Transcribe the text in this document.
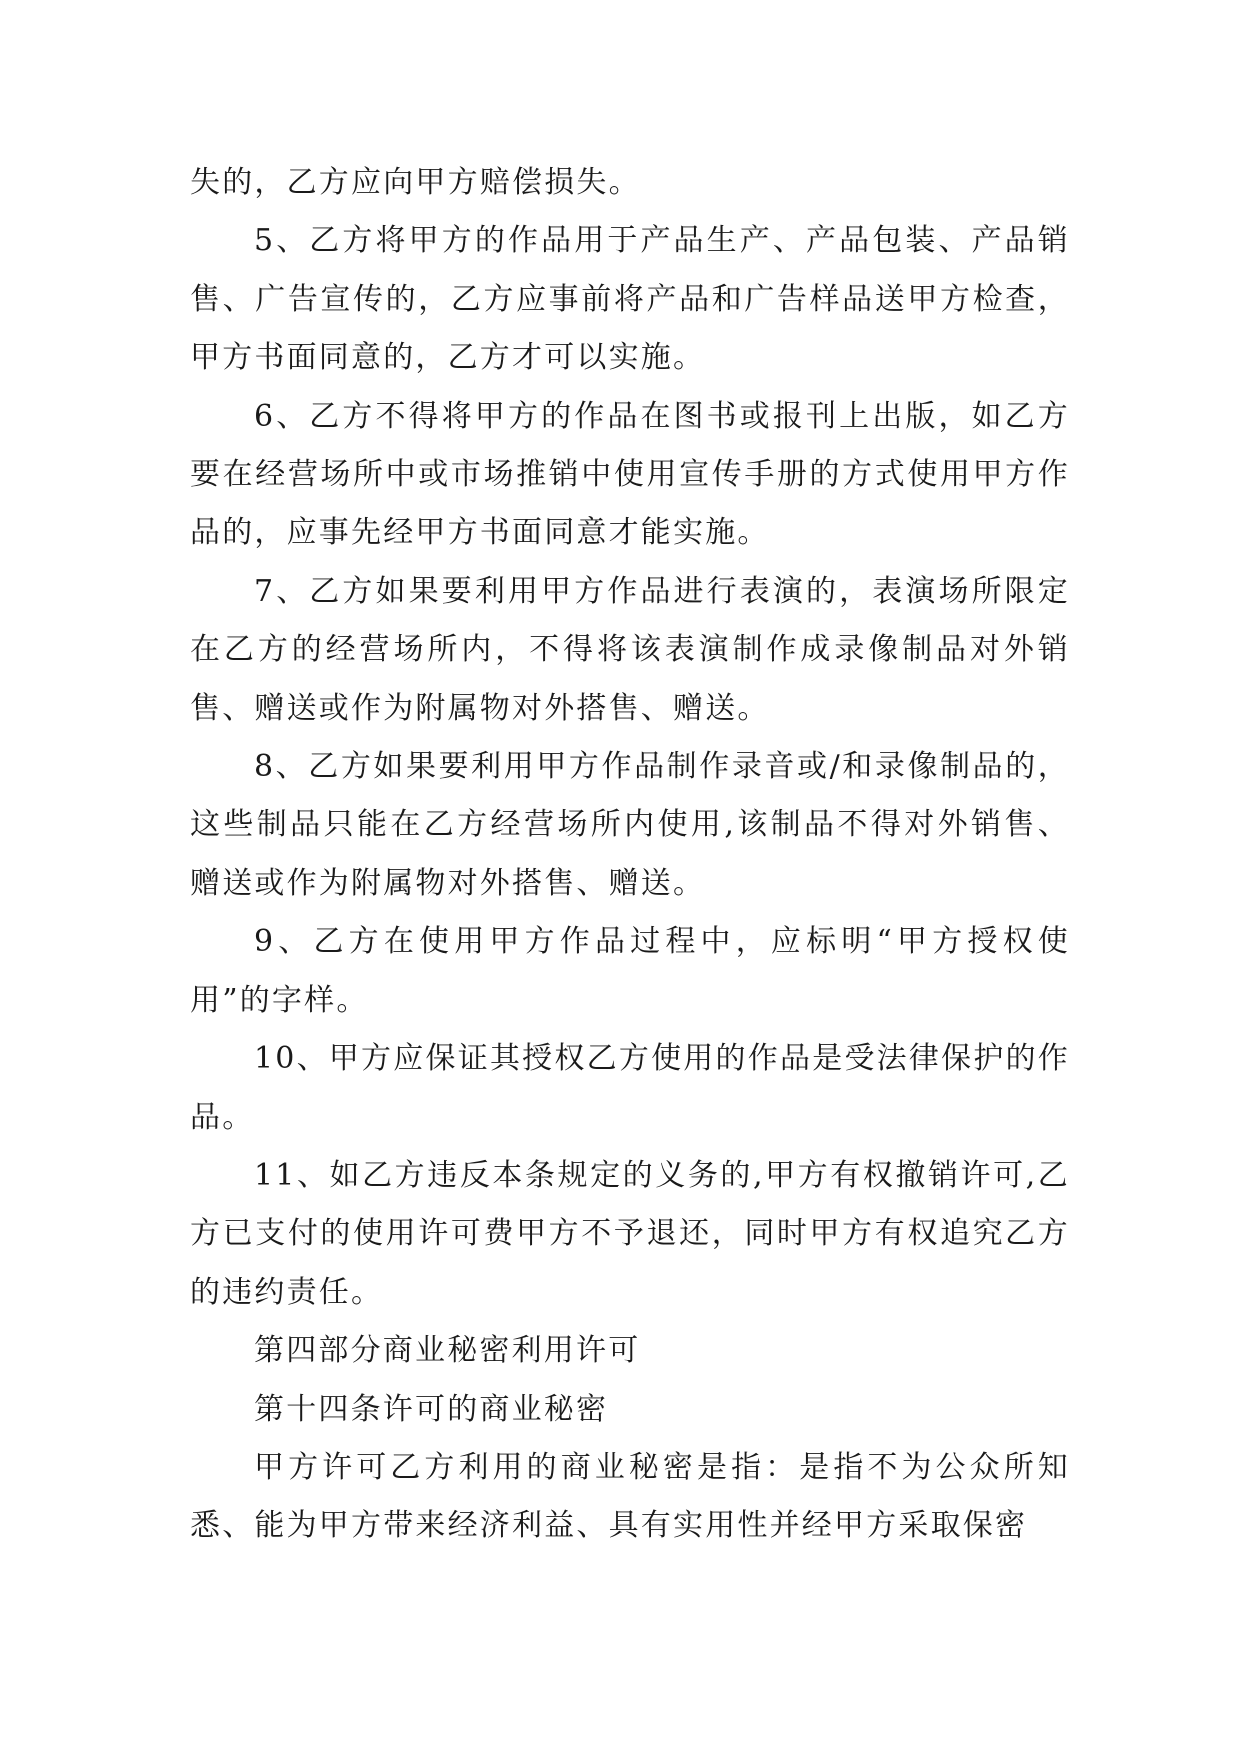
失的，乙方应向甲方赔偿损失。

5、乙方将甲方的作品用于产品生产、产品包装、产品销售、广告宣传的，乙方应事前将产品和广告样品送甲方检查，甲方书面同意的，乙方才可以实施。

6、乙方不得将甲方的作品在图书或报刊上出版，如乙方要在经营场所中或市场推销中使用宣传手册的方式使用甲方作品的，应事先经甲方书面同意才能实施。

7、乙方如果要利用甲方作品进行表演的，表演场所限定在乙方的经营场所内，不得将该表演制作成录像制品对外销售、赠送或作为附属物对外搭售、赠送。

8、乙方如果要利用甲方作品制作录音或/和录像制品的，这些制品只能在乙方经营场所内使用,该制品不得对外销售、赠送或作为附属物对外搭售、赠送。

9、乙方在使用甲方作品过程中，应标明“甲方授权使用”的字样。

10、甲方应保证其授权乙方使用的作品是受法律保护的作品。

11、如乙方违反本条规定的义务的,甲方有权撤销许可,乙方已支付的使用许可费甲方不予退还，同时甲方有权追究乙方的违约责任。

第四部分商业秘密利用许可

第十四条许可的商业秘密

甲方许可乙方利用的商业秘密是指：是指不为公众所知悉、能为甲方带来经济利益、具有实用性并经甲方采取保密
